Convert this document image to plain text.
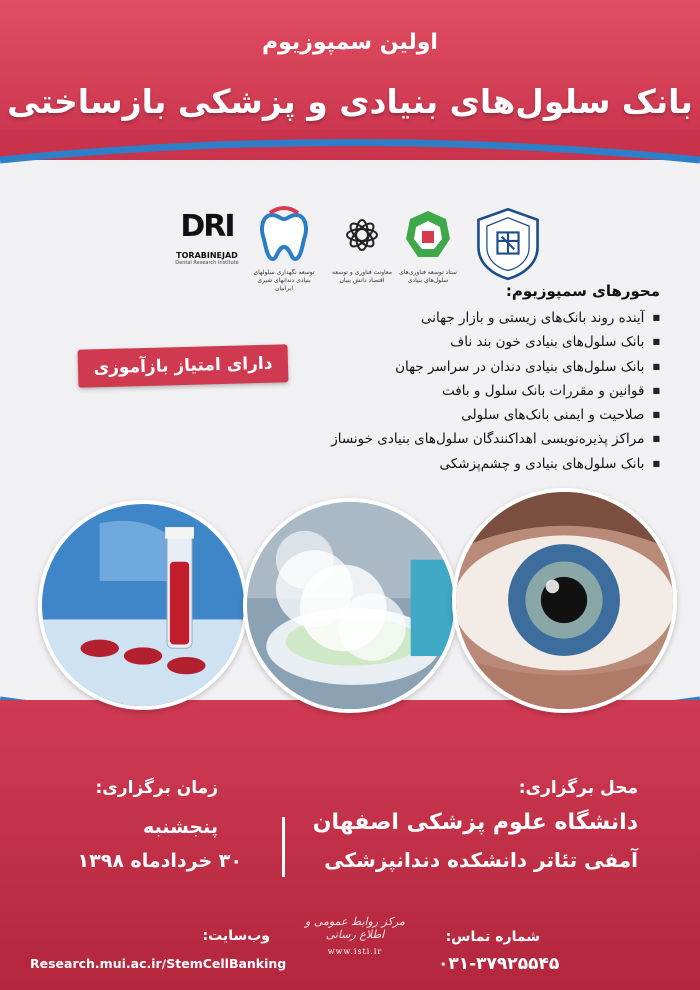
اولین سمپوزیوم
بانک سلول‌های بنیادی و پزشکی بازساختی
DRI
TORABINEJAD
Dental Research Institute
توسعه نگهداری سلولهای بنیادی دندانهای شیری ایرانیان
معاونت فناوری و توسعه اقتصاد دانش بنیان
ستاد توسعه فناوری‌های سلول‌های بنیادی
محورهای سمپوزیوم:
■ آینده روند بانک‌های زیستی و بازار جهانی
■ بانک سلول‌های بنیادی خون بند ناف
■ بانک سلول‌های بنیادی دندان در سراسر جهان
■ قوانین و مقررات بانک سلول و بافت
■ صلاحیت و ایمنی بانک‌های سلولی
■ مراکز پذیره‌نویسی اهداکنندگان سلول‌های بنیادی خونساز
■ بانک سلول‌های بنیادی و چشم‌پزشکی
دارای امتیاز بازآموزی
محل برگزاری:
دانشگاه علوم پزشکی اصفهان
آمفی تئاتر دانشکده دندانپزشکی
زمان برگزاری:
پنجشنبه
۳۰ خردادماه ۱۳۹۸
شماره تماس:
۰۳۱-۳۷۹۲۵۵۴۵
وب‌سایت:
Research.mui.ac.ir/StemCellBanking
مرکز روابط عمومی و اطلاع رسانی
www.isti.ir
